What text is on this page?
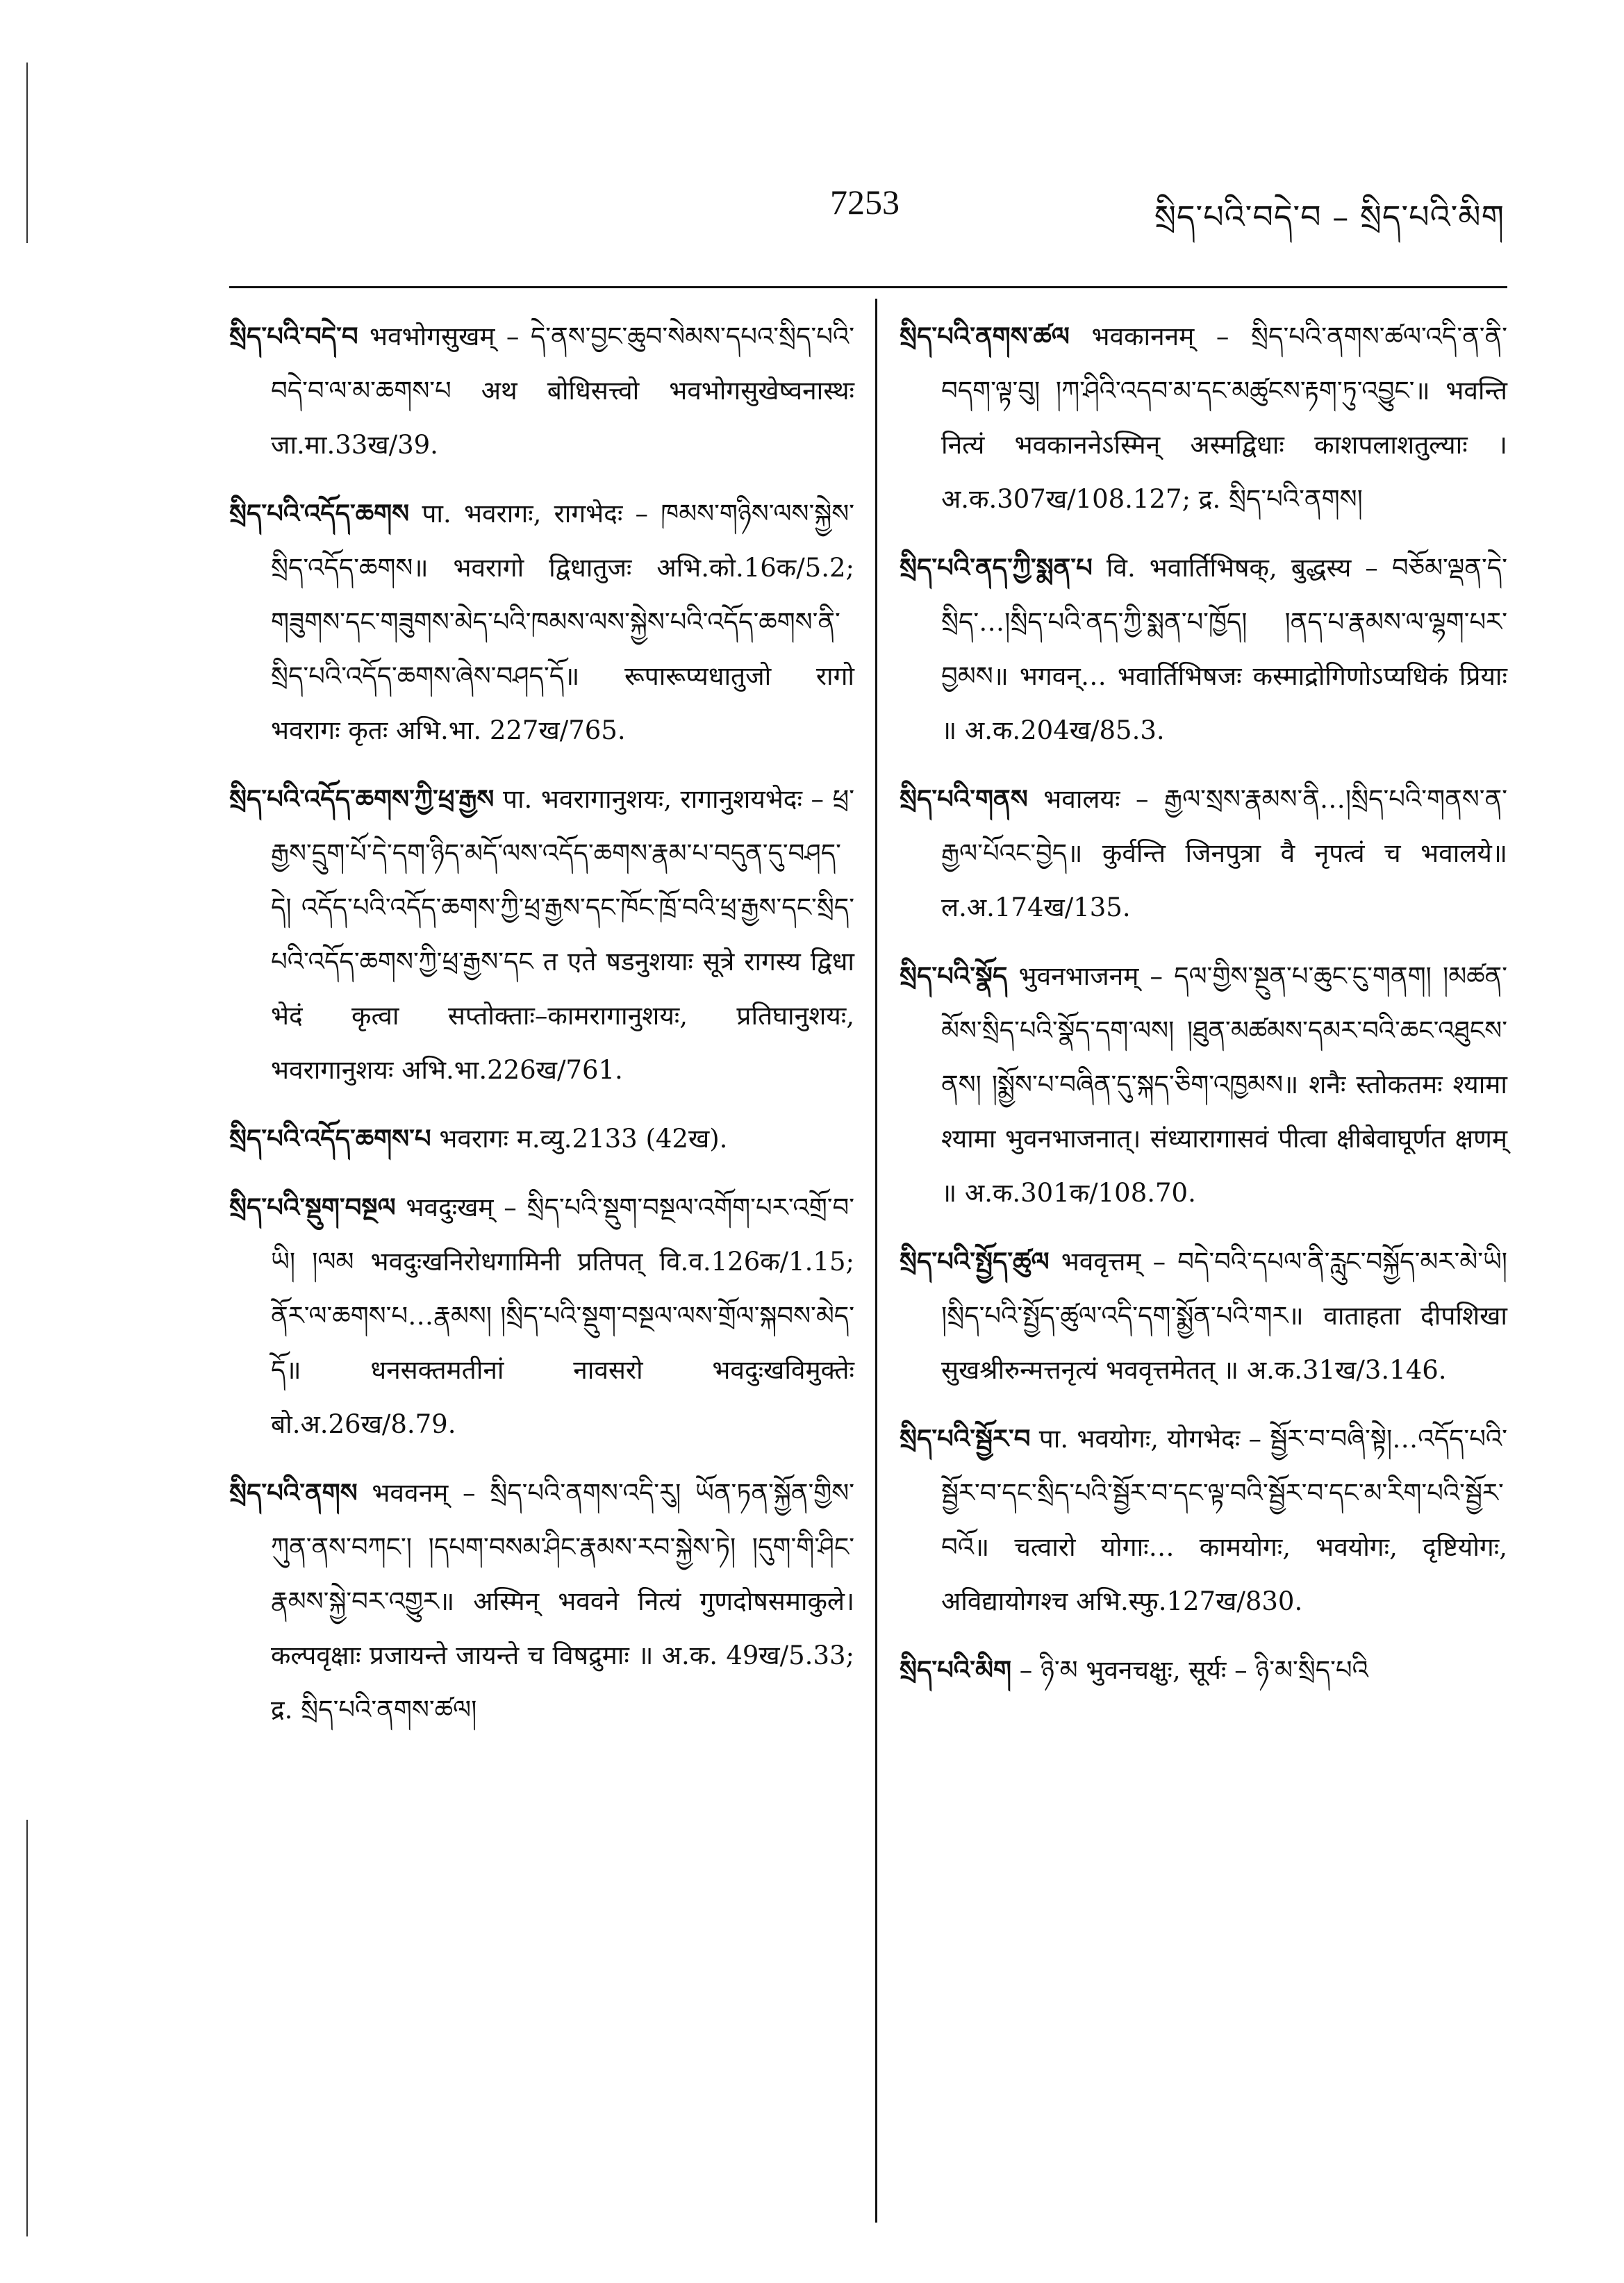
7253	སྲིད་པའི་བདེ་བ – སྲིད་པའི་མིག

སྲིད་པའི་བདེ་བ भवभोगसुखम् – དེ་ནས་བྱང་ཆུབ་སེམས་དཔའ་སྲིད་པའི་བདེ་བ་ལ་མ་ཆགས་པ अथ बोधिसत्त्वो भवभोगसुखेष्वनास्थः जा.मा.33ख/39.

སྲིད་པའི་འདོད་ཆགས पा. भवरागः, रागभेदः – ཁམས་གཉིས་ལས་སྐྱེས་སྲིད་འདོད་ཆགས॥ भवरागो द्विधातुजः अभि.को.16क/5.2; གཟུགས་དང་གཟུགས་མེད་པའི་ཁམས་ལས་སྐྱེས་པའི་འདོད་ཆགས་ནི་སྲིད་པའི་འདོད་ཆགས་ཞེས་བཤད་དོ॥ रूपारूप्यधातुजो रागो भवरागः कृतः अभि.भा. 227ख/765.

སྲིད་པའི་འདོད་ཆགས་ཀྱི་ཕྲ་རྒྱས पा. भवरागानुशयः, रागानुशयभेदः – ཕྲ་རྒྱས་དྲུག་པོ་དེ་དག་ཉིད་མདོ་ལས་འདོད་ཆགས་རྣམ་པ་བདུན་དུ་བཤད་དེ། འདོད་པའི་འདོད་ཆགས་ཀྱི་ཕྲ་རྒྱས་དང་ཁོང་ཁྲོ་བའི་ཕྲ་རྒྱས་དང་སྲིད་པའི་འདོད་ཆགས་ཀྱི་ཕྲ་རྒྱས་དང त एते षडनुशयाः सूत्रे रागस्य द्विधा भेदं कृत्वा सप्तोक्ताः–कामरागानुशयः, प्रतिघानुशयः, भवरागानुशयः अभि.भा.226ख/761.

སྲིད་པའི་འདོད་ཆགས་པ भवरागः म.व्यु.2133 (42ख).

སྲིད་པའི་སྡུག་བསྔལ भवदुःखम् – སྲིད་པའི་སྡུག་བསྔལ་འགོག་པར་འགྲོ་བ་ཡི། །ལམ भवदुःखनिरोधगामिनी प्रतिपत् वि.व.126क/1.15; ནོར་ལ་ཆགས་པ…རྣམས། །སྲིད་པའི་སྡུག་བསྔལ་ལས་གྲོལ་སྐབས་མེད་དོ॥ धनसक्तमतीनां नावसरो भवदुःखविमुक्तेः बो.अ.26ख/8.79.

སྲིད་པའི་ནགས भववनम् – སྲིད་པའི་ནགས་འདི་རུ། ཡོན་ཏན་སྐྱོན་གྱིས་ཀུན་ནས་བཀང་། །དཔག་བསམ་ཤིང་རྣམས་རབ་སྐྱེས་ཏེ། །དུག་གི་ཤིང་རྣམས་སྐྱེ་བར་འགྱུར॥ अस्मिन् भववने नित्यं गुणदोषसमाकुले। कल्पवृक्षाः प्रजायन्ते जायन्ते च विषद्रुमाः ॥ अ.क. 49ख/5.33; द्र. སྲིད་པའི་ནགས་ཚལ།

སྲིད་པའི་ནགས་ཚལ भवकाननम् – སྲིད་པའི་ནགས་ཚལ་འདི་ན་ནི་བདག་ལྟ་བུ། །ཀ་ཤིའི་འདབ་མ་དང་མཚུངས་རྟག་ཏུ་འབྱུང་॥ भवन्ति नित्यं भवकाननेऽस्मिन् अस्मद्विधाः काशपलाशतुल्याः । अ.क.307ख/108.127; द्र. སྲིད་པའི་ནགས།

སྲིད་པའི་ནད་ཀྱི་སྨན་པ वि. भवार्तिभिषक्, बुद्धस्य – བཅོམ་ལྡན་དེ་སྲིད་…།སྲིད་པའི་ནད་ཀྱི་སྨན་པ་ཁྱོད། །ནད་པ་རྣམས་ལ་ལྷག་པར་བྱམས॥ भगवन्… भवार्तिभिषजः कस्माद्रोगिणोऽप्यधिकं प्रियाः ॥ अ.क.204ख/85.3.

སྲིད་པའི་གནས भवालयः – རྒྱལ་སྲས་རྣམས་ནི…།སྲིད་པའི་གནས་ན་རྒྱལ་པོའང་བྱེད॥ कुर्वन्ति जिनपुत्रा वै नृपत्वं च भवालये॥ ल.अ.174ख/135.

སྲིད་པའི་སྣོད भुवनभाजनम् – དལ་གྱིས་སྔུན་པ་ཆུང་ངུ་གནག། །མཚན་མོས་སྲིད་པའི་སྣོད་དག་ལས། །ཐུན་མཚམས་དམར་བའི་ཆང་འཐུངས་ནས། །སྨྱོས་པ་བཞིན་དུ་སྐད་ཅིག་འཁྱམས॥ शनैः स्तोकतमः श्यामा श्यामा भुवनभाजनात्। संध्यारागासवं पीत्वा क्षीबेवाघूर्णत क्षणम् ॥ अ.क.301क/108.70.

སྲིད་པའི་སྤྱོད་ཚུལ भववृत्तम् – བདེ་བའི་དཔལ་ནི་རླུང་བསྐྱོད་མར་མེ་ཡི། །སྲིད་པའི་སྤྱོད་ཚུལ་འདི་དག་སྨྱོན་པའི་གར॥ वाताहता दीपशिखा सुखश्रीरुन्मत्तनृत्यं भववृत्तमेतत् ॥ अ.क.31ख/3.146.

སྲིད་པའི་སྦྱོར་བ पा. भवयोगः, योगभेदः – སྦྱོར་བ་བཞི་སྟེ།…འདོད་པའི་སྦྱོར་བ་དང་སྲིད་པའི་སྦྱོར་བ་དང་ལྟ་བའི་སྦྱོར་བ་དང་མ་རིག་པའི་སྦྱོར་བའོ॥ चत्वारो योगाः… कामयोगः, भवयोगः, दृष्टियोगः, अविद्यायोगश्च अभि.स्फु.127ख/830.

སྲིད་པའི་མིག – ཉི་མ भुवनचक्षुः, सूर्यः – ཉི་མ་སྲིད་པའི
